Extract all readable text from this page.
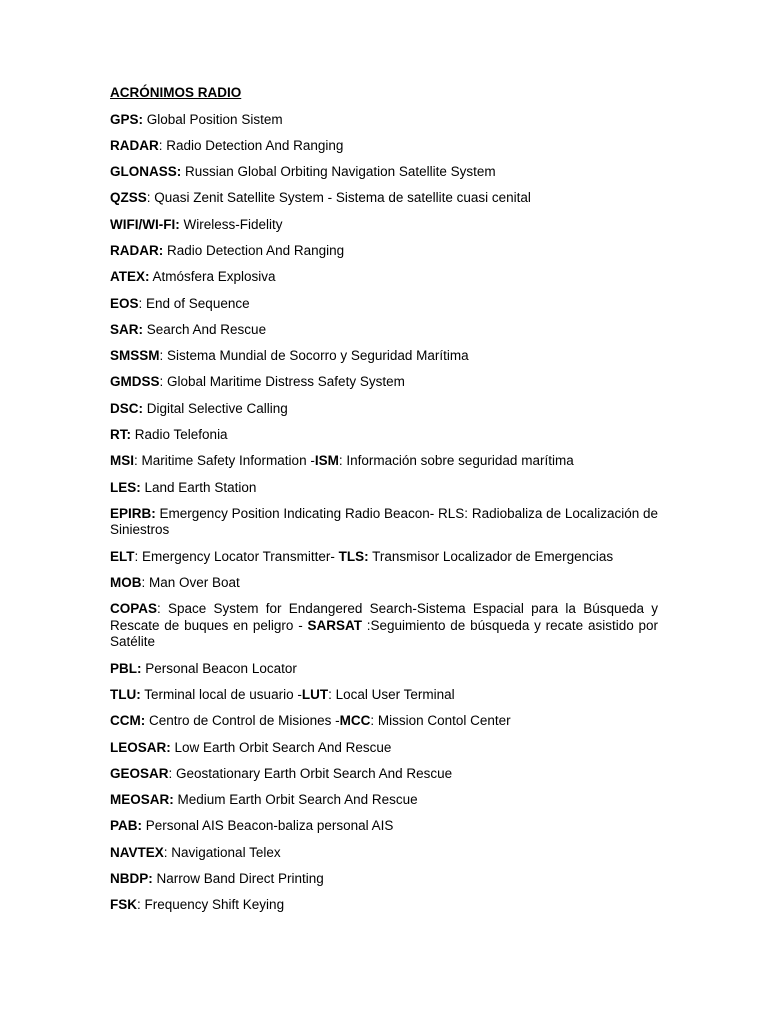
ACRÓNIMOS RADIO
GPS: Global Position Sistem
RADAR: Radio Detection And Ranging
GLONASS: Russian Global Orbiting Navigation Satellite System
QZSS: Quasi Zenit Satellite System - Sistema de satellite cuasi cenital
WIFI/WI-FI: Wireless-Fidelity
RADAR: Radio Detection And Ranging
ATEX: Atmósfera Explosiva
EOS: End of Sequence
SAR: Search And Rescue
SMSSM: Sistema Mundial de Socorro y Seguridad Marítima
GMDSS: Global Maritime Distress Safety System
DSC: Digital Selective Calling
RT: Radio Telefonia
MSI: Maritime Safety Information -ISM: Información sobre seguridad marítima
LES: Land Earth Station
EPIRB: Emergency Position Indicating Radio Beacon- RLS: Radiobaliza de Localización de Siniestros
ELT: Emergency Locator Transmitter- TLS: Transmisor Localizador de Emergencias
MOB: Man Over Boat
COPAS: Space System for Endangered Search-Sistema Espacial para la Búsqueda y Rescate de buques en peligro - SARSAT :Seguimiento de búsqueda y recate asistido por Satélite
PBL: Personal Beacon Locator
TLU: Terminal local de usuario -LUT: Local User Terminal
CCM: Centro de Control de Misiones -MCC: Mission Contol Center
LEOSAR: Low Earth Orbit Search And Rescue
GEOSAR: Geostationary Earth Orbit Search And Rescue
MEOSAR: Medium Earth Orbit Search And Rescue
PAB: Personal AIS Beacon-baliza personal AIS
NAVTEX: Navigational Telex
NBDP: Narrow Band Direct Printing
FSK: Frequency Shift Keying
